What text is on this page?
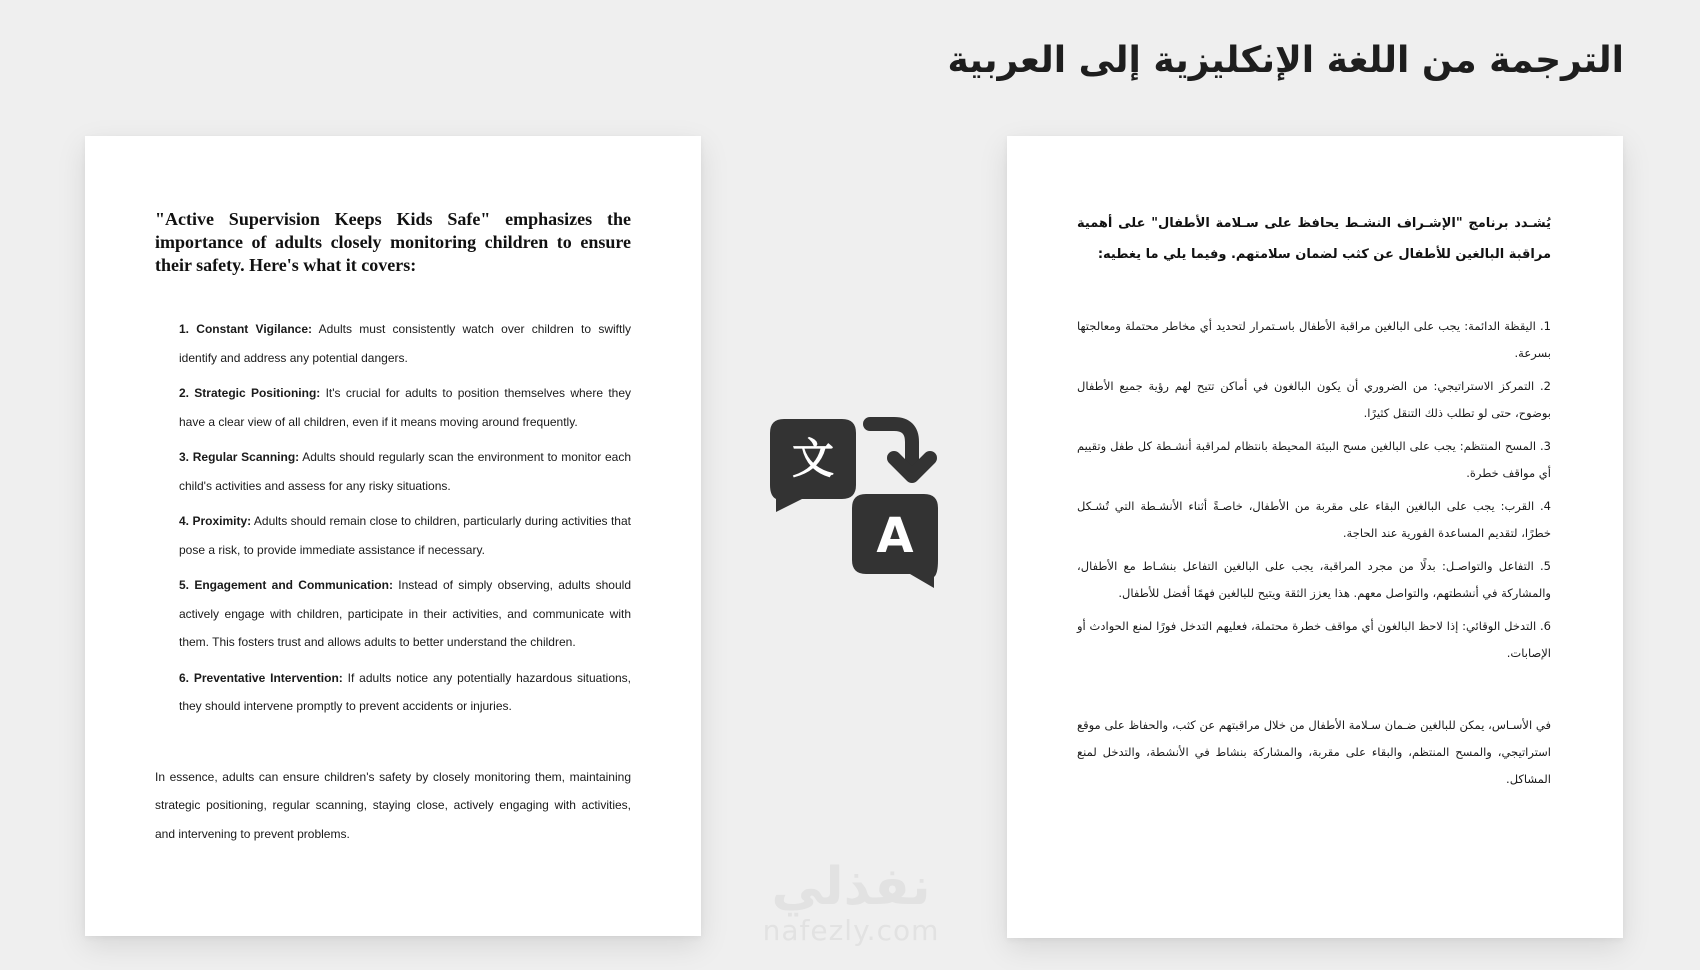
الترجمة من اللغة الإنكليزية إلى العربية

"Active Supervision Keeps Kids Safe" emphasizes the importance of adults closely monitoring children to ensure their safety. Here's what it covers:

1. Constant Vigilance: Adults must consistently watch over children to swiftly identify and address any potential dangers.
2. Strategic Positioning: It's crucial for adults to position themselves where they have a clear view of all children, even if it means moving around frequently.
3. Regular Scanning: Adults should regularly scan the environment to monitor each child's activities and assess for any risky situations.
4. Proximity: Adults should remain close to children, particularly during activities that pose a risk, to provide immediate assistance if necessary.
5. Engagement and Communication: Instead of simply observing, adults should actively engage with children, participate in their activities, and communicate with them. This fosters trust and allows adults to better understand the children.
6. Preventative Intervention: If adults notice any potentially hazardous situations, they should intervene promptly to prevent accidents or injuries.

In essence, adults can ensure children's safety by closely monitoring them, maintaining strategic positioning, regular scanning, staying close, actively engaging with activities, and intervening to prevent problems.

文
A

يُشـدد برنامج "الإشـراف النشـط يحافظ على سـلامة الأطفال" على أهمية مراقبة البالغين للأطفال عن كثب لضمان سلامتهم. وفيما يلي ما يغطيه:

1. اليقظة الدائمة: يجب على البالغين مراقبة الأطفال باسـتمرار لتحديد أي مخاطر محتملة ومعالجتها بسرعة.
2. التمركز الاستراتيجي: من الضروري أن يكون البالغون في أماكن تتيح لهم رؤية جميع الأطفال بوضوح، حتى لو تطلب ذلك التنقل كثيرًا.
3. المسح المنتظم: يجب على البالغين مسح البيئة المحيطة بانتظام لمراقبة أنشـطة كل طفل وتقييم أي مواقف خطرة.
4. القرب: يجب على البالغين البقاء على مقربة من الأطفال، خاصـةً أثناء الأنشـطة التي تُشـكل خطرًا، لتقديم المساعدة الفورية عند الحاجة.
5. التفاعل والتواصـل: بدلًا من مجرد المراقبة، يجب على البالغين التفاعل بنشـاط مع الأطفال، والمشاركة في أنشطتهم، والتواصل معهم. هذا يعزز الثقة ويتيح للبالغين فهمًا أفضل للأطفال.
6. التدخل الوقائي: إذا لاحظ البالغون أي مواقف خطرة محتملة، فعليهم التدخل فورًا لمنع الحوادث أو الإصابات.

في الأسـاس، يمكن للبالغين ضـمان سـلامة الأطفال من خلال مراقبتهم عن كثب، والحفاظ على موقع استراتيجي، والمسح المنتظم، والبقاء على مقربة، والمشاركة بنشاط في الأنشطة، والتدخل لمنع المشاكل.

نفذلي
nafezly.com
